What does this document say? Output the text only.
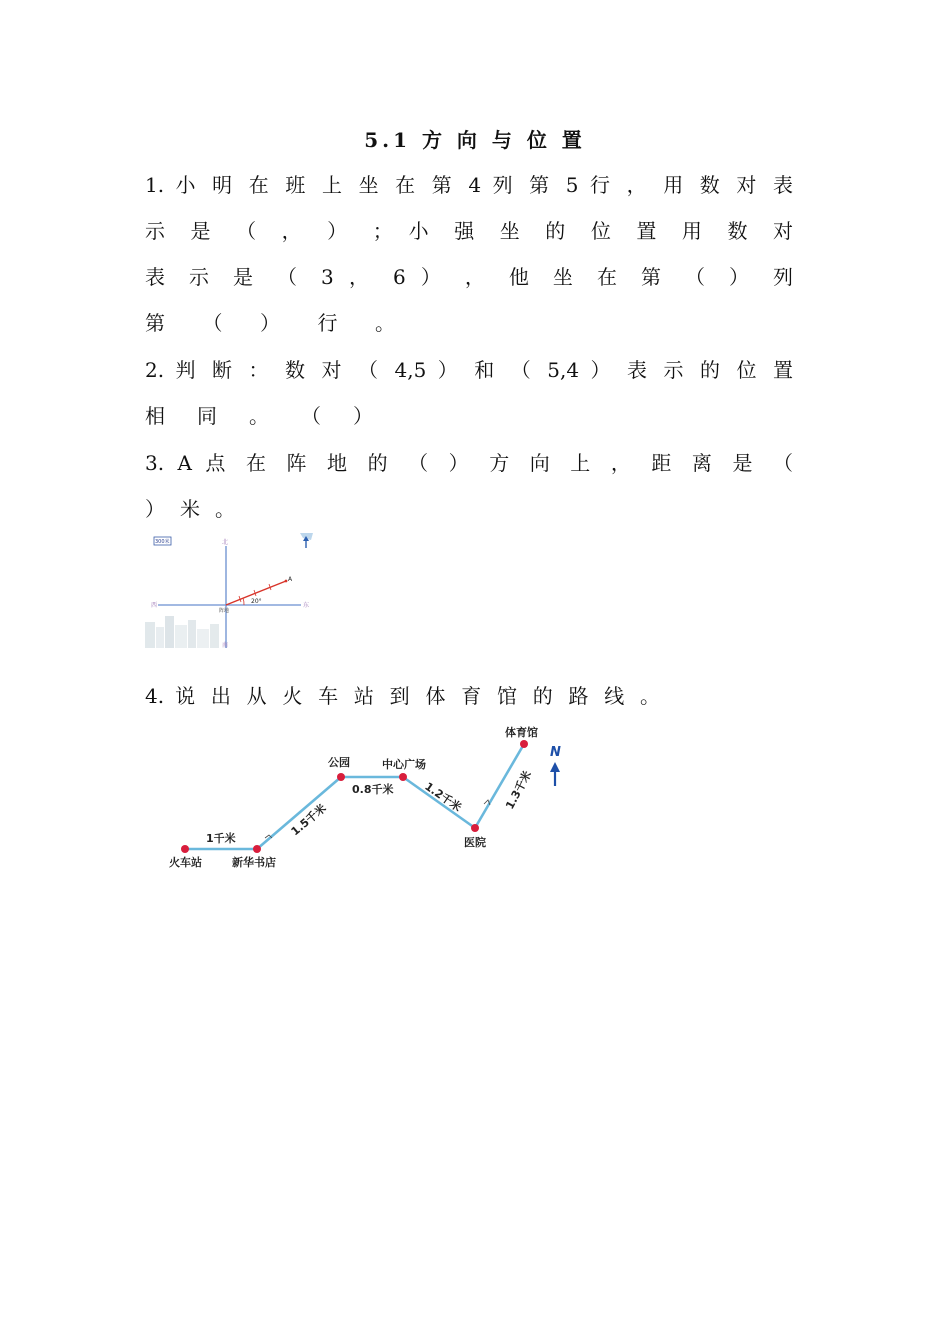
5.1 方 向 与 位 置
1. 小 明 在 班 上 坐 在 第 4 列 第 5 行 ， 用 数 对 表
示 是 （ ， ） ； 小 强 坐 的 位 置 用 数 对
表 示 是 （ 3 ， 6 ） ， 他 坐 在 第 （ ） 列
第 （ ） 行 。
2. 判 断 ： 数 对 （ 4,5 ） 和 （ 5,4 ） 表 示 的 位 置
相 同 。 （ ）
3. A 点 在 阵 地 的 （ ） 方 向 上 ， 距 离 是 （
） 米 。
300米	北
南
西	东
阵地
A
20°
4. 说 出 从 火 车 站 到 体 育 馆 的 路 线 。
火车站	新华书店
公园	中心广场
医院
体育馆
1千米
1.5千米
0.8千米	1.2千米	1.3千米
N
